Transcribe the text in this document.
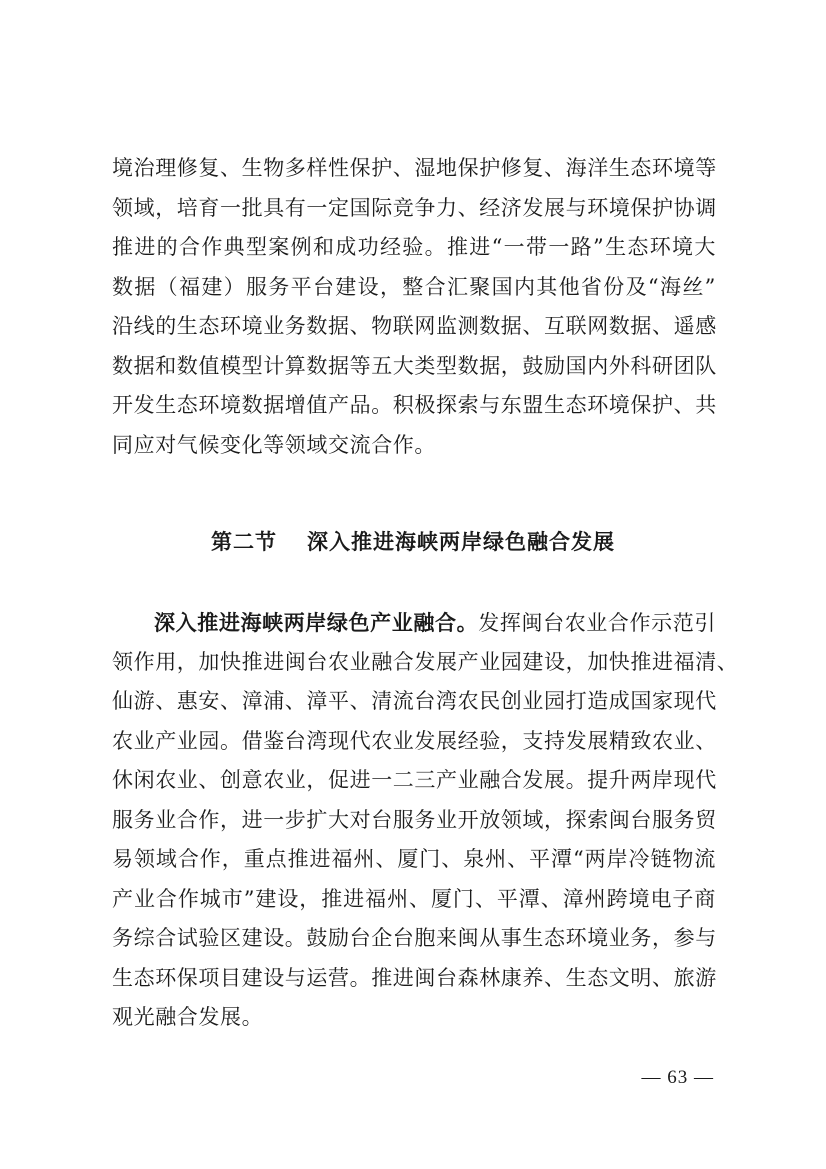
境治理修复、生物多样性保护、湿地保护修复、海洋生态环境等
领域，培育一批具有一定国际竞争力、经济发展与环境保护协调
推进的合作典型案例和成功经验。推进“一带一路”生态环境大
数据（福建）服务平台建设，整合汇聚国内其他省份及“海丝”
沿线的生态环境业务数据、物联网监测数据、互联网数据、遥感
数据和数值模型计算数据等五大类型数据，鼓励国内外科研团队
开发生态环境数据增值产品。积极探索与东盟生态环境保护、共
同应对气候变化等领域交流合作。
第二节 深入推进海峡两岸绿色融合发展
深入推进海峡两岸绿色产业融合。发挥闽台农业合作示范引
领作用，加快推进闽台农业融合发展产业园建设，加快推进福清、
仙游、惠安、漳浦、漳平、清流台湾农民创业园打造成国家现代
农业产业园。借鉴台湾现代农业发展经验，支持发展精致农业、
休闲农业、创意农业，促进一二三产业融合发展。提升两岸现代
服务业合作，进一步扩大对台服务业开放领域，探索闽台服务贸
易领域合作，重点推进福州、厦门、泉州、平潭“两岸冷链物流
产业合作城市”建设，推进福州、厦门、平潭、漳州跨境电子商
务综合试验区建设。鼓励台企台胞来闽从事生态环境业务，参与
生态环保项目建设与运营。推进闽台森林康养、生态文明、旅游
观光融合发展。
— 63 —
